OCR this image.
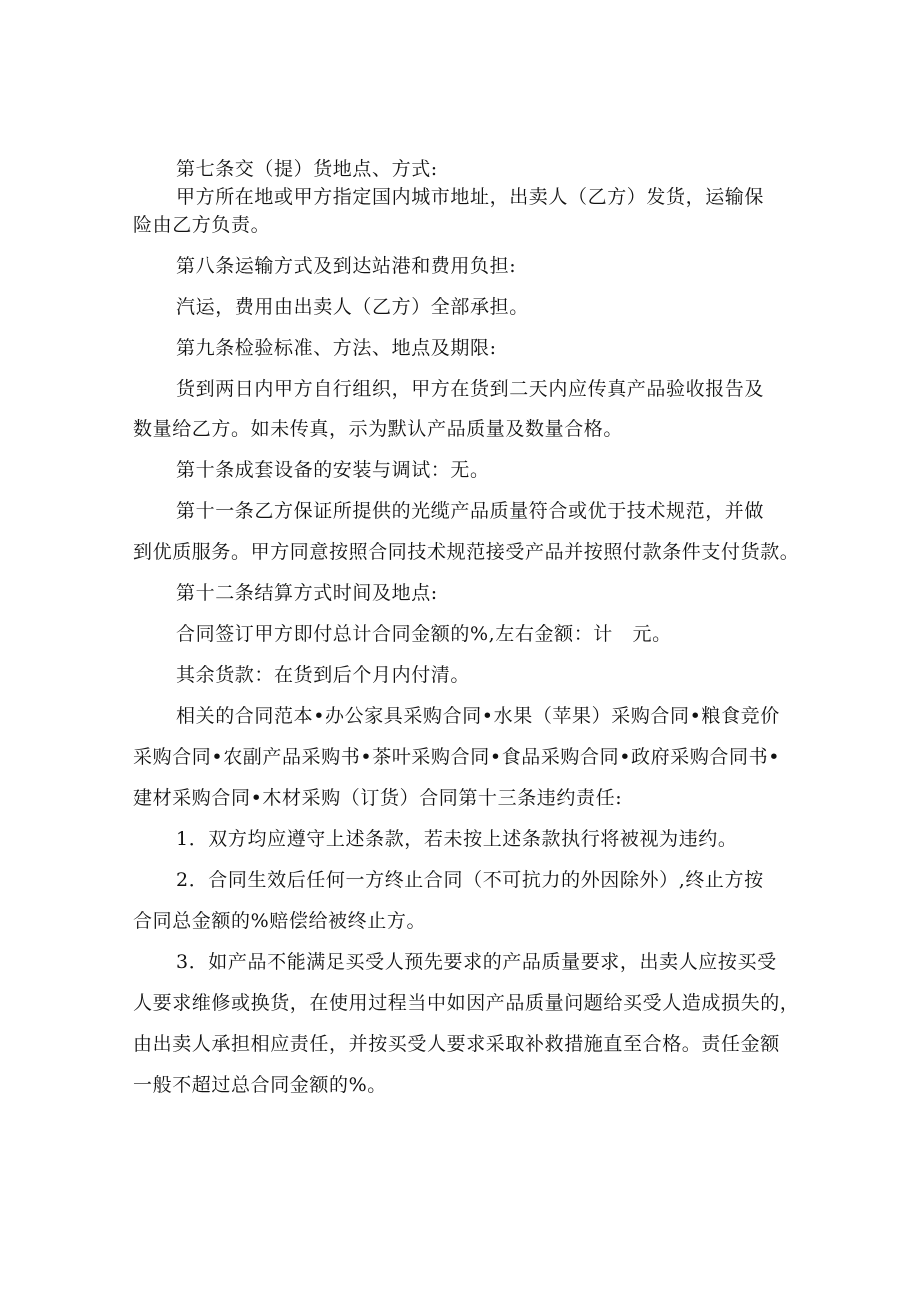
第七条交（提）货地点、方式:
甲方所在地或甲方指定国内城市地址，出卖人（乙方）发货，运输保
险由乙方负责。
第八条运输方式及到达站港和费用负担:
汽运，费用由出卖人（乙方）全部承担。
第九条检验标准、方法、地点及期限:
货到两日内甲方自行组织，甲方在货到二天内应传真产品验收报告及
数量给乙方。如未传真，示为默认产品质量及数量合格。
第十条成套设备的安装与调试：无。
第十一条乙方保证所提供的光缆产品质量符合或优于技术规范，并做
到优质服务。甲方同意按照合同技术规范接受产品并按照付款条件支付货款。
第十二条结算方式时间及地点:
合同签订甲方即付总计合同金额的%,左右金额：计　元。
其余货款：在货到后个月内付清。
相关的合同范本•办公家具采购合同•水果（苹果）采购合同•粮食竞价
采购合同•农副产品采购书•茶叶采购合同•食品采购合同•政府采购合同书•
建材采购合同•木材采购（订货）合同第十三条违约责任:
1．双方均应遵守上述条款，若未按上述条款执行将被视为违约。
2．合同生效后任何一方终止合同（不可抗力的外因除外）,终止方按
合同总金额的%赔偿给被终止方。
3．如产品不能满足买受人预先要求的产品质量要求，出卖人应按买受
人要求维修或换货，在使用过程当中如因产品质量问题给买受人造成损失的，
由出卖人承担相应责任，并按买受人要求采取补救措施直至合格。责任金额
一般不超过总合同金额的%。
